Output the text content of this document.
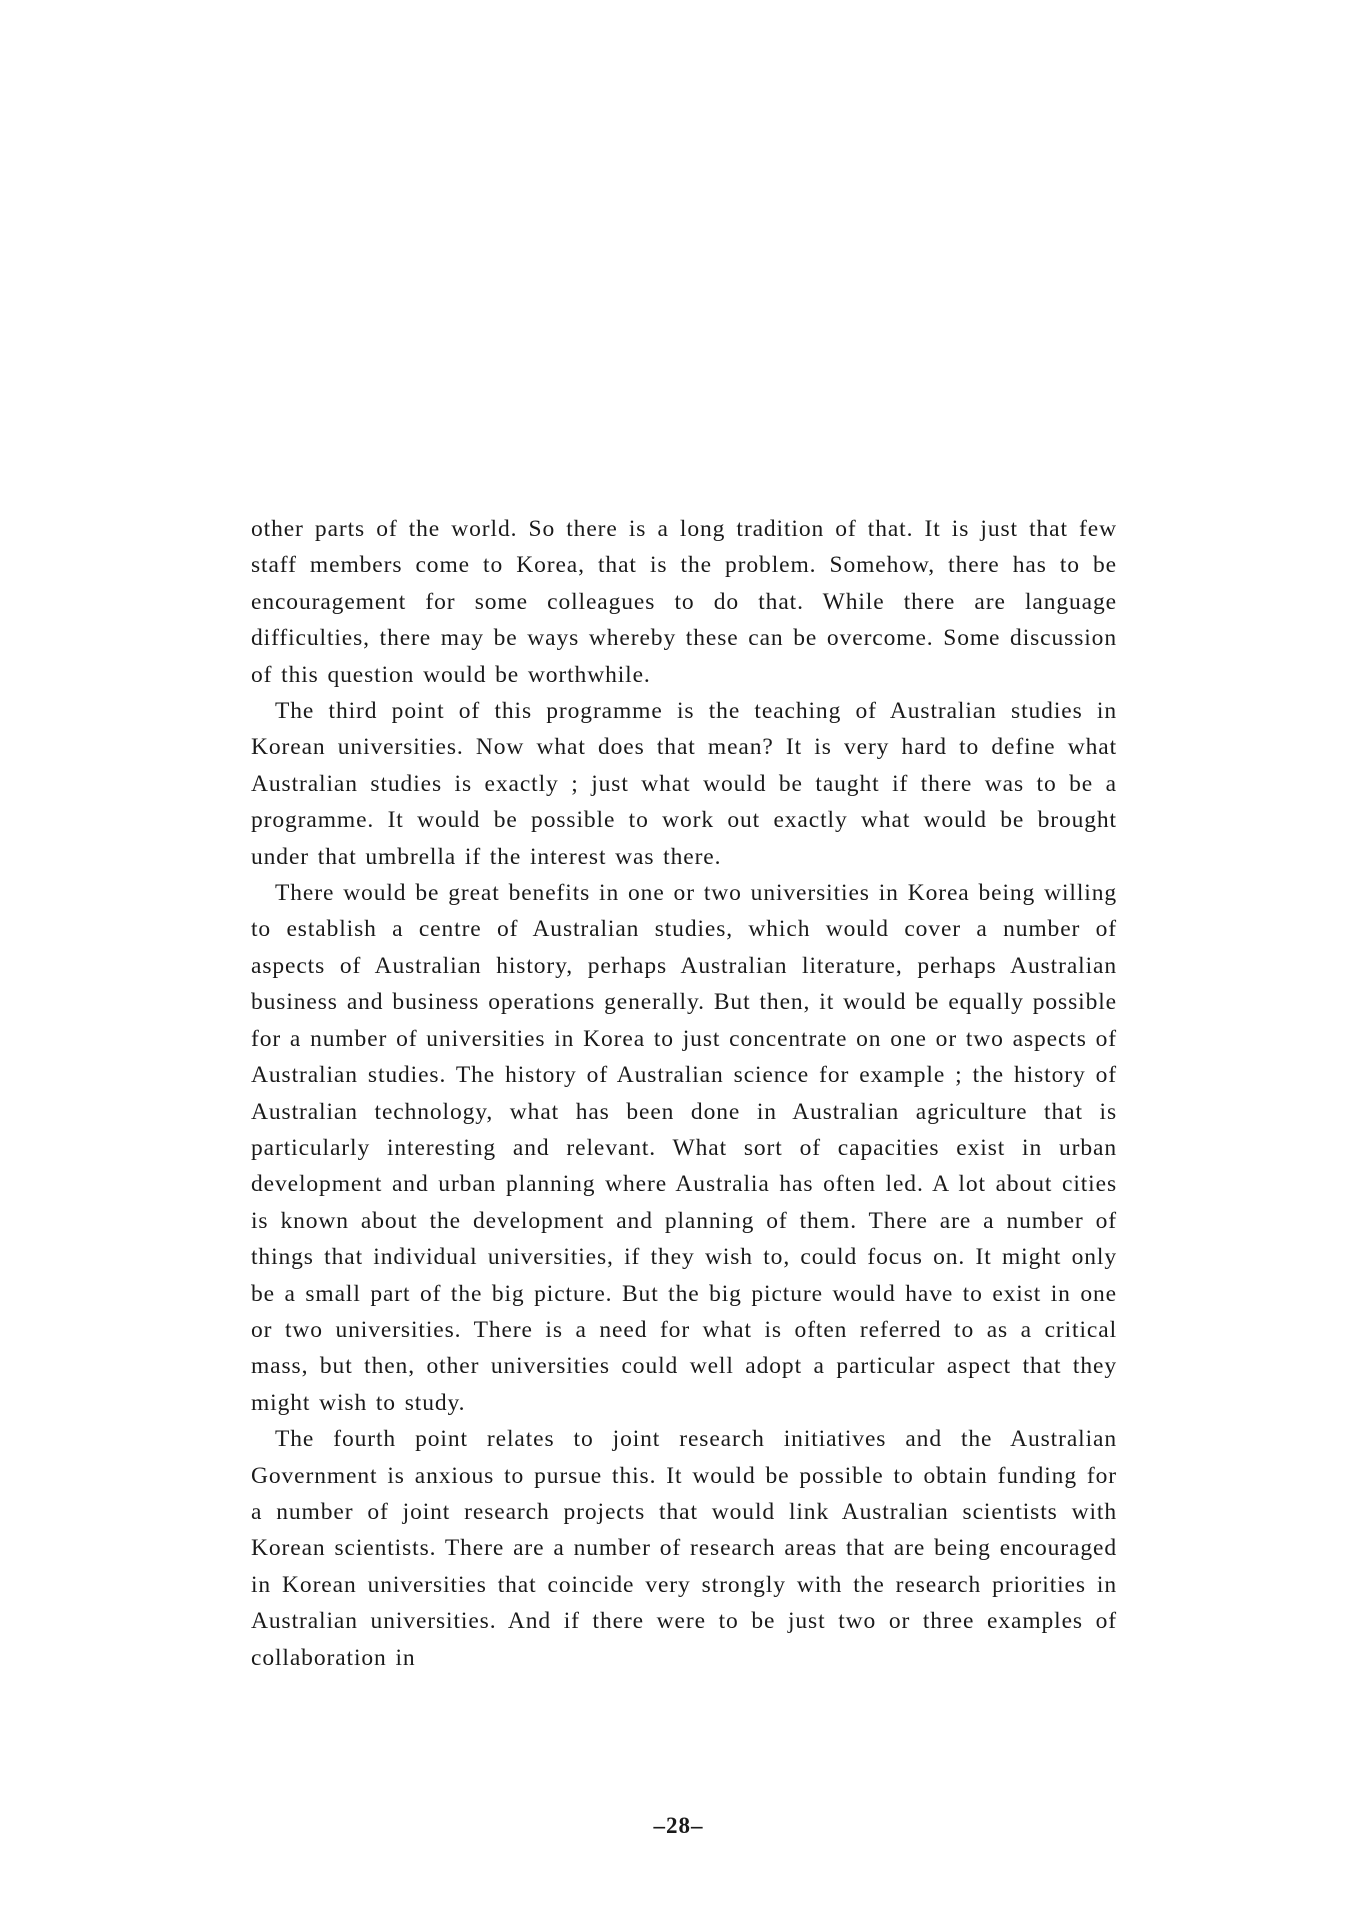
other parts of the world. So there is a long tradition of that. It is just that few staff members come to Korea, that is the problem. Somehow, there has to be encouragement for some colleagues to do that. While there are language difficulties, there may be ways whereby these can be overcome. Some discussion of this question would be worthwhile.

The third point of this programme is the teaching of Australian studies in Korean universities. Now what does that mean? It is very hard to define what Australian studies is exactly ; just what would be taught if there was to be a programme. It would be possible to work out exactly what would be brought under that umbrella if the interest was there.

There would be great benefits in one or two universities in Korea being willing to establish a centre of Australian studies, which would cover a number of aspects of Australian history, perhaps Australian literature, perhaps Australian business and business operations generally. But then, it would be equally possible for a number of universities in Korea to just concentrate on one or two aspects of Australian studies. The history of Australian science for example ; the history of Australian technology, what has been done in Australian agriculture that is particularly interesting and relevant. What sort of capacities exist in urban development and urban planning where Australia has often led. A lot about cities is known about the development and planning of them. There are a number of things that individual universities, if they wish to, could focus on. It might only be a small part of the big picture. But the big picture would have to exist in one or two universities. There is a need for what is often referred to as a critical mass, but then, other universities could well adopt a particular aspect that they might wish to study.

The fourth point relates to joint research initiatives and the Australian Government is anxious to pursue this. It would be possible to obtain funding for a number of joint research projects that would link Australian scientists with Korean scientists. There are a number of research areas that are being encouraged in Korean universities that coincide very strongly with the research priorities in Australian universities. And if there were to be just two or three examples of collaboration in

–28–
